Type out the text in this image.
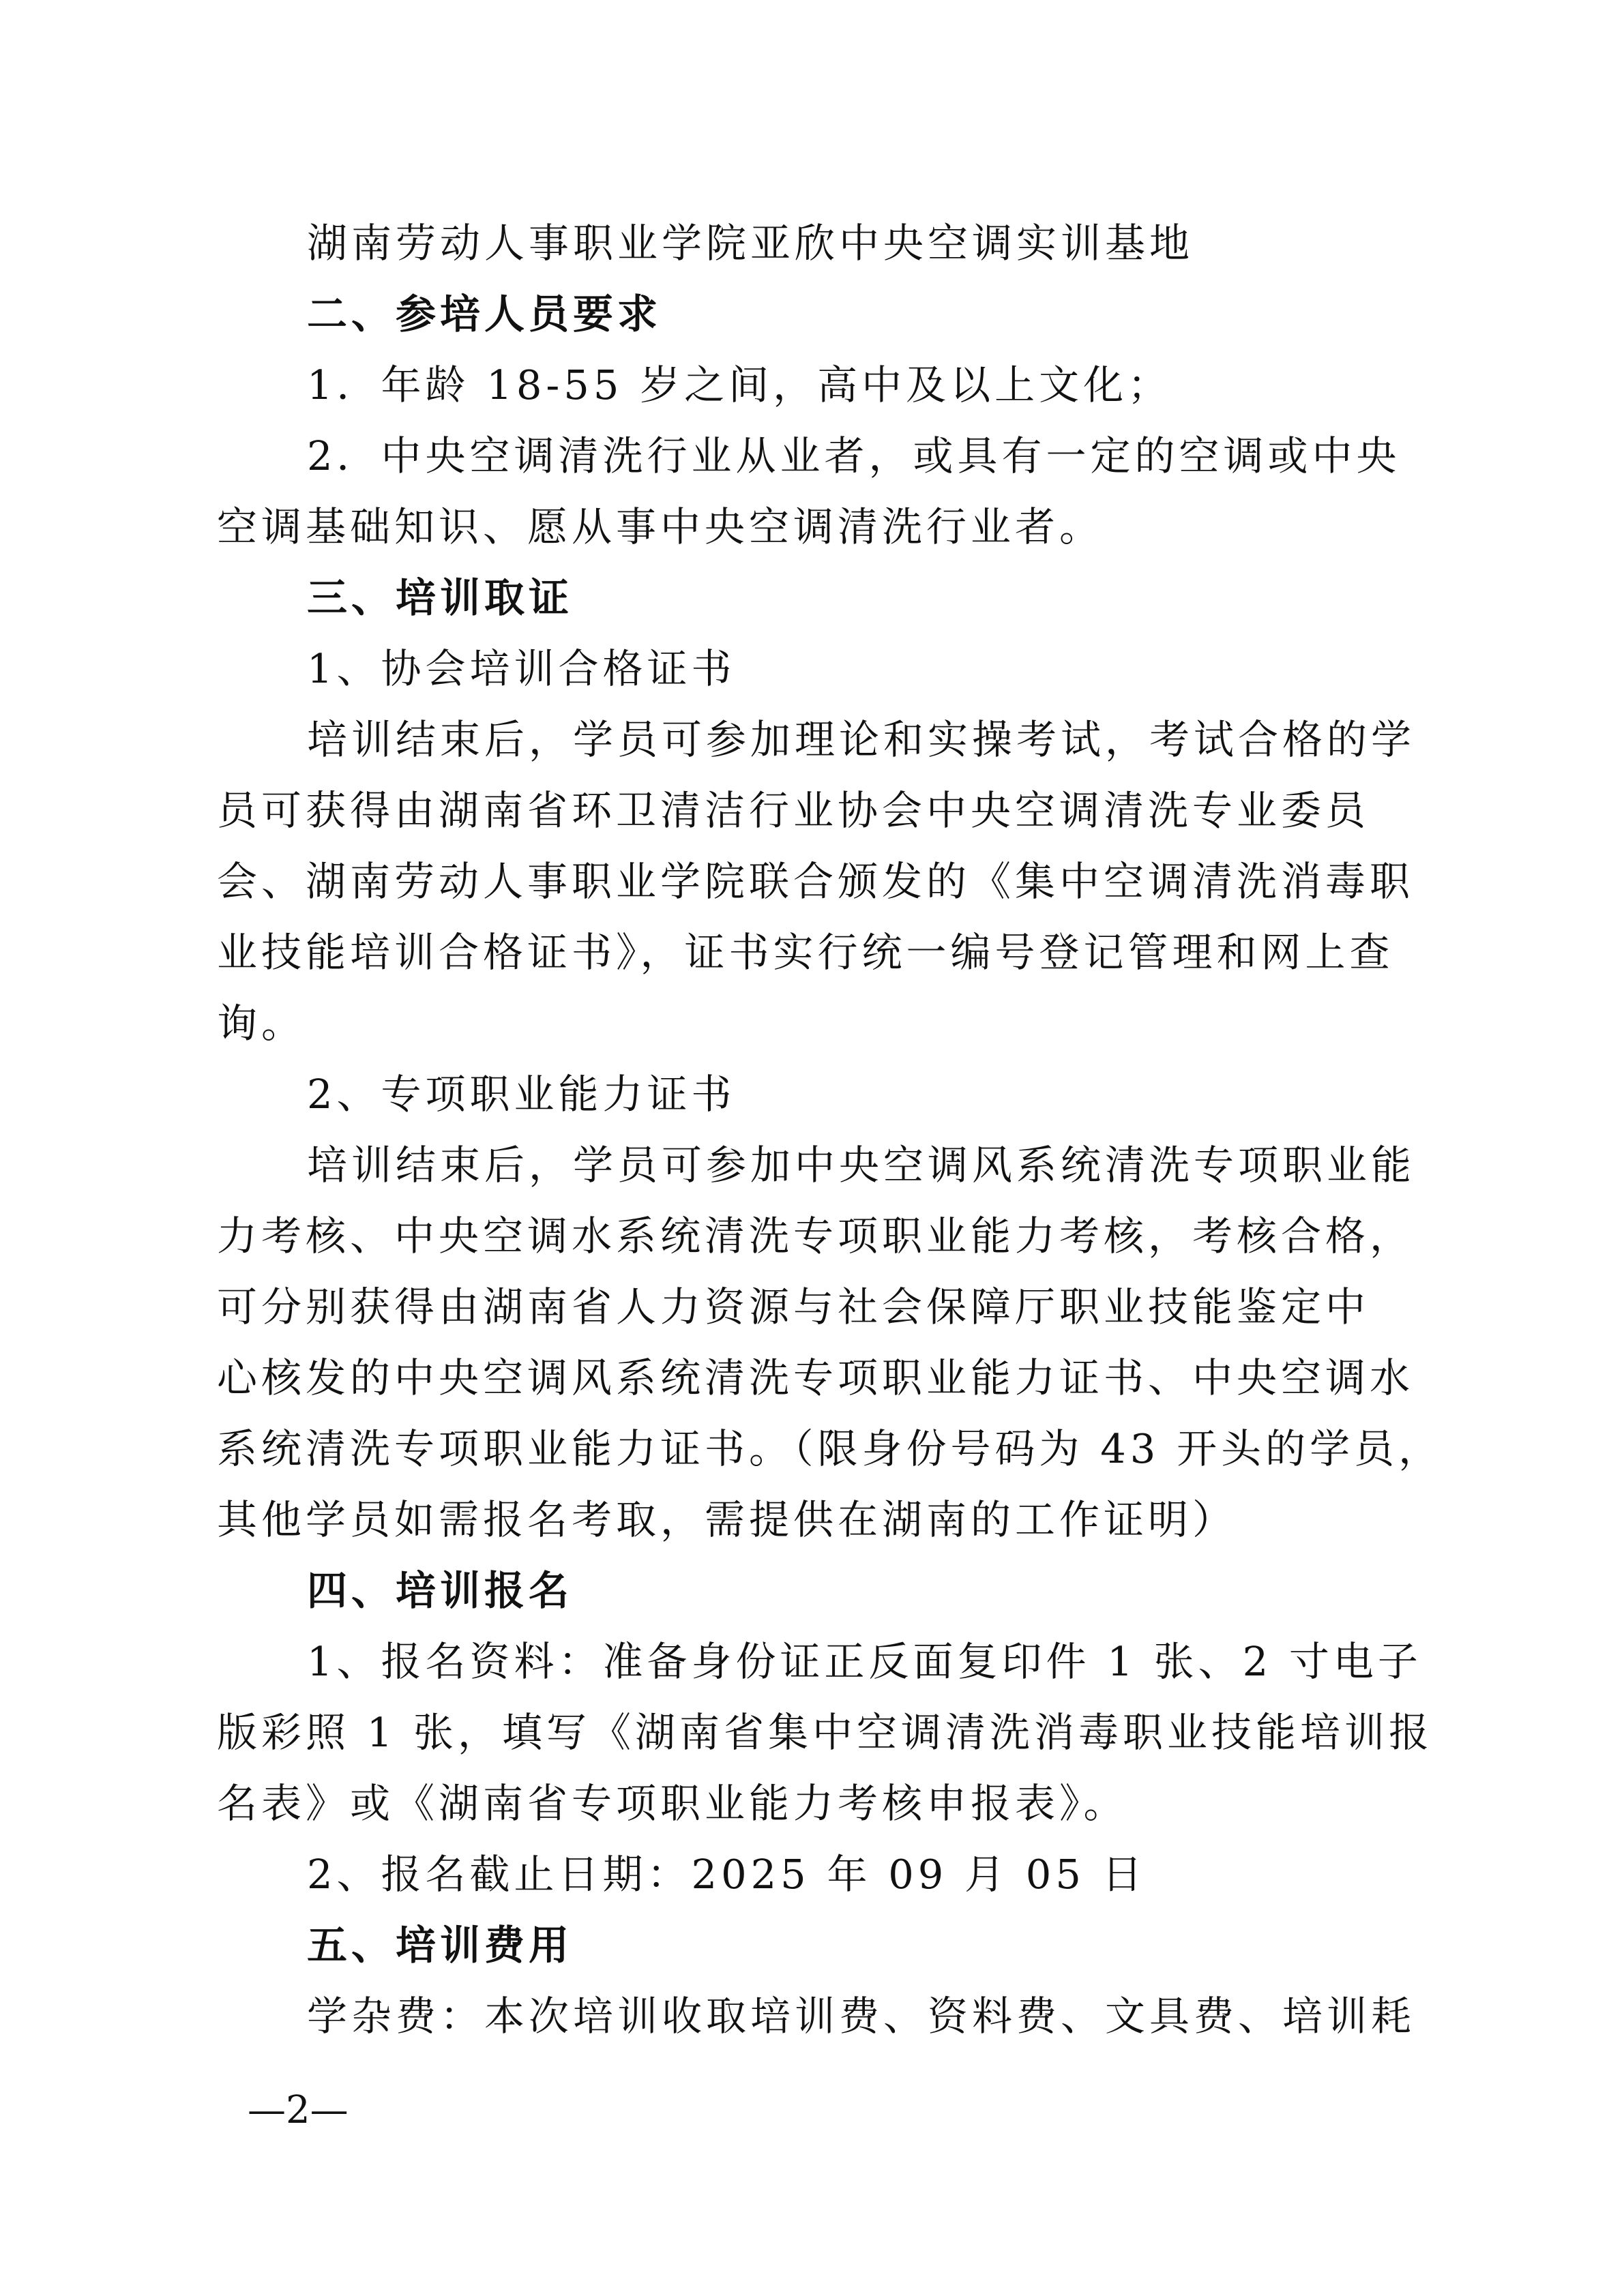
湖南劳动人事职业学院亚欣中央空调实训基地
二、参培人员要求
1．年龄 18-55 岁之间，高中及以上文化；
2．中央空调清洗行业从业者，或具有一定的空调或中央
空调基础知识、愿从事中央空调清洗行业者。
三、培训取证
1、协会培训合格证书
培训结束后，学员可参加理论和实操考试，考试合格的学
员可获得由湖南省环卫清洁行业协会中央空调清洗专业委员
会、湖南劳动人事职业学院联合颁发的《集中空调清洗消毒职
业技能培训合格证书》，证书实行统一编号登记管理和网上查
询。
2、专项职业能力证书
培训结束后，学员可参加中央空调风系统清洗专项职业能
力考核、中央空调水系统清洗专项职业能力考核，考核合格，
可分别获得由湖南省人力资源与社会保障厅职业技能鉴定中
心核发的中央空调风系统清洗专项职业能力证书、中央空调水
系统清洗专项职业能力证书。（限身份号码为 43 开头的学员，
其他学员如需报名考取，需提供在湖南的工作证明）
四、培训报名
1、报名资料：准备身份证正反面复印件 1 张、2 寸电子
版彩照 1 张，填写《湖南省集中空调清洗消毒职业技能培训报
名表》或《湖南省专项职业能力考核申报表》。
2、报名截止日期：2025 年 09 月 05 日
五、培训费用
学杂费：本次培训收取培训费、资料费、文具费、培训耗
—2—
